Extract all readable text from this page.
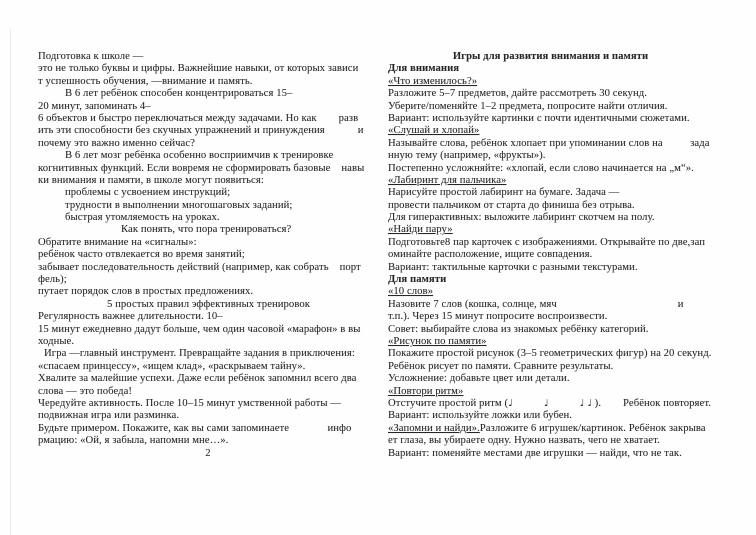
Подготовка к школе —
это не только буквы и цифры. Важнейшие навыки, от которых зависи
т успешность обучения, —внимание и память.
В 6 лет ребёнок способен концентрироваться 15–
20 минут, запоминать 4–
6 объектов и быстро переключаться между задачами. Но как        разв
ить эти способности без скучных упражнений и принуждения            и
почему это важно именно сейчас?
В 6 лет мозг ребёнка особенно восприимчив к тренировке
когнитивных функций. Если вовремя не сформировать базовые    навы
ки внимания и памяти, в школе могут появиться:
проблемы с усвоением инструкций;
трудности в выполнении многошаговых заданий;
быстрая утомляемость на уроках.
Как понять, что пора тренироваться?
Обратите внимание на «сигналы»:
ребёнок часто отвлекается во время занятий;
забывает последовательность действий (например, как собрать    порт
фель);
путает порядок слов в простых предложениях.
5 простых правил эффективных тренировок
Регулярность важнее длительности. 10–
15 минут ежедневно дадут больше, чем один часовой «марафон» в вы
ходные.
Игра —главный инструмент. Превращайте задания в приключения:
«спасаем принцессу», «ищем клад», «раскрываем тайну».
Хвалите за малейшие успехи. Даже если ребёнок запомнил всего два
слова — это победа!
Чередуйте активность. После 10–15 минут умственной работы —
подвижная игра или разминка.
Будьте примером. Покажите, как вы сами запоминаете              инфо
рмацию: «Ой, я забыла, напомни мне…».
2
Игры для развития внимания и памяти
Для внимания
«Что изменилось?»
Разложите 5–7 предметов, дайте рассмотреть 30 секунд.
Уберите/поменяйте 1–2 предмета, попросите найти отличия.
Вариант: используйте картинки с почти идентичными сюжетами.
«Слушай и хлопай»
Называйте слова, ребёнок хлопает при упоминании слов на          зада
нную тему (например, «фрукты»).
Постепенно усложняйте: «хлопай, если слово начинается на „м“».
«Лабиринт для пальчика»
Нарисуйте простой лабиринт на бумаге. Задача —
провести пальчиком от старта до финиша без отрыва.
Для гиперактивных: выложите лабиринт скотчем на полу.
«Найди пару»
Подготовьте8 пар карточек с изображениями. Открывайте по две,зап
оминайте расположение, ищите совпадения.
Вариант: тактильные карточки с разными текстурами.
Для памяти
«10 слов»
Назовите 7 слов (кошка, солнце, мяч                                            и
т.п.). Через 15 минут попросите воспроизвести.
Совет: выбирайте слова из знакомых ребёнку категорий.
«Рисунок по памяти»
Покажите простой рисунок (3–5 геометрических фигур) на 20 секунд.
Ребёнок рисует по памяти. Сравните результаты.
Усложнение: добавьте цвет или детали.
«Повтори ритм»
Отстучите простой ритм (♩          ♩          ♩ ♩ ).        Ребёнок повторяет.
Вариант: используйте ложки или бубен.
«Запомни и найди».Разложите 6 игрушек/картинок. Ребёнок закрыва
ет глаза, вы убираете одну. Нужно назвать, чего не хватает.
Вариант: поменяйте местами две игрушки — найди, что не так.
